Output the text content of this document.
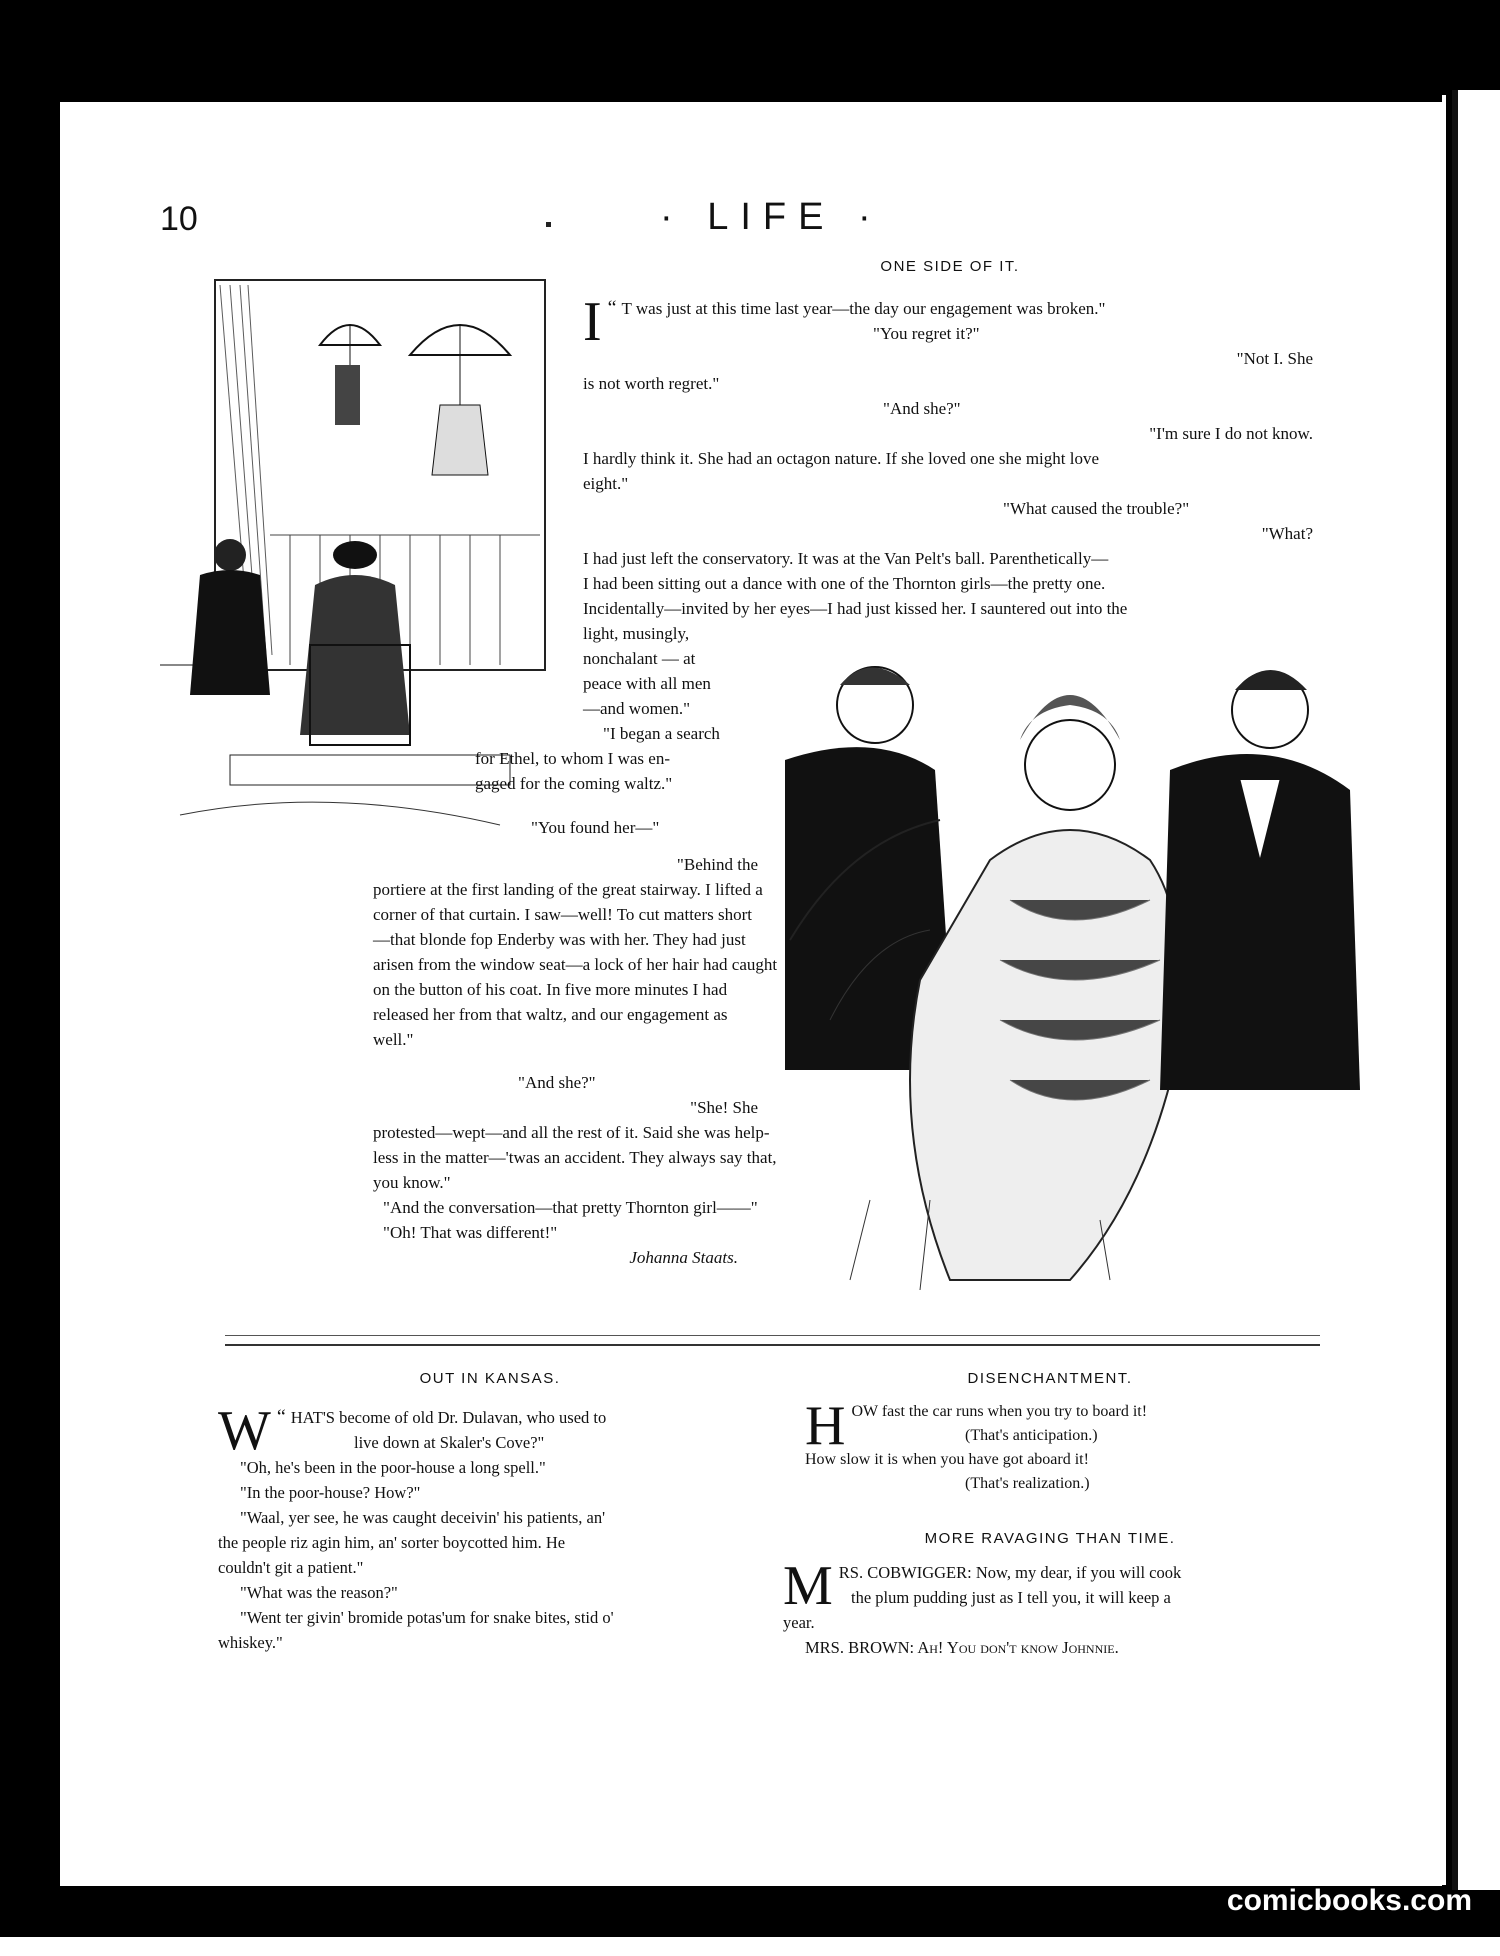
10	· LIFE ·
ONE SIDE OF IT.
“
I T was just at this time last year—the day our engagement was broken."
"You regret it?"
"Not I. She
is not worth regret."
"And she?"
"I'm sure I do not know.
I hardly think it. She had an octagon nature. If she loved one she might love
eight."
"What caused the trouble?"
"What?
I had just left the conservatory. It was at the Van Pelt's ball. Parenthetically—
I had been sitting out a dance with one of the Thornton girls—the pretty one.
Incidentally—invited by her eyes—I had just kissed her. I sauntered out into the
light, musingly,
nonchalant — at
peace with all men
—and women."
"I began a search
for Ethel, to whom I was en-
gaged for the coming waltz."
"You found her—"
"Behind the
portiere at the first landing of the great stairway. I lifted a
corner of that curtain. I saw—well! To cut matters short
—that blonde fop Enderby was with her. They had just
arisen from the window seat—a lock of her hair had caught
on the button of his coat. In five more minutes I had
released her from that waltz, and our engagement as
well."
"And she?"
"She! She
protested—wept—and all the rest of it. Said she was help-
less in the matter—'twas an accident. They always say that,
you know."
"And the conversation—that pretty Thornton girl——"
"Oh! That was different!"
Johanna Staats.
OUT IN KANSAS.
“
W HAT'S become of old Dr. Dulavan, who used to
live down at Skaler's Cove?"
"Oh, he's been in the poor-house a long spell."
"In the poor-house? How?"
"Waal, yer see, he was caught deceivin' his patients, an'
the people riz agin him, an' sorter boycotted him. He
couldn't git a patient."
"What was the reason?"
"Went ter givin' bromide potas'um for snake bites, stid o'
whiskey."
DISENCHANTMENT.
HOW fast the car runs when you try to board it!
(That's anticipation.)
How slow it is when you have got aboard it!
(That's realization.)
MORE RAVAGING THAN TIME.
MRS. COBWIGGER: Now, my dear, if you will cook
the plum pudding just as I tell you, it will keep a
year.
MRS. BROWN: Ah! You don't know Johnnie.
comicbooks.com
